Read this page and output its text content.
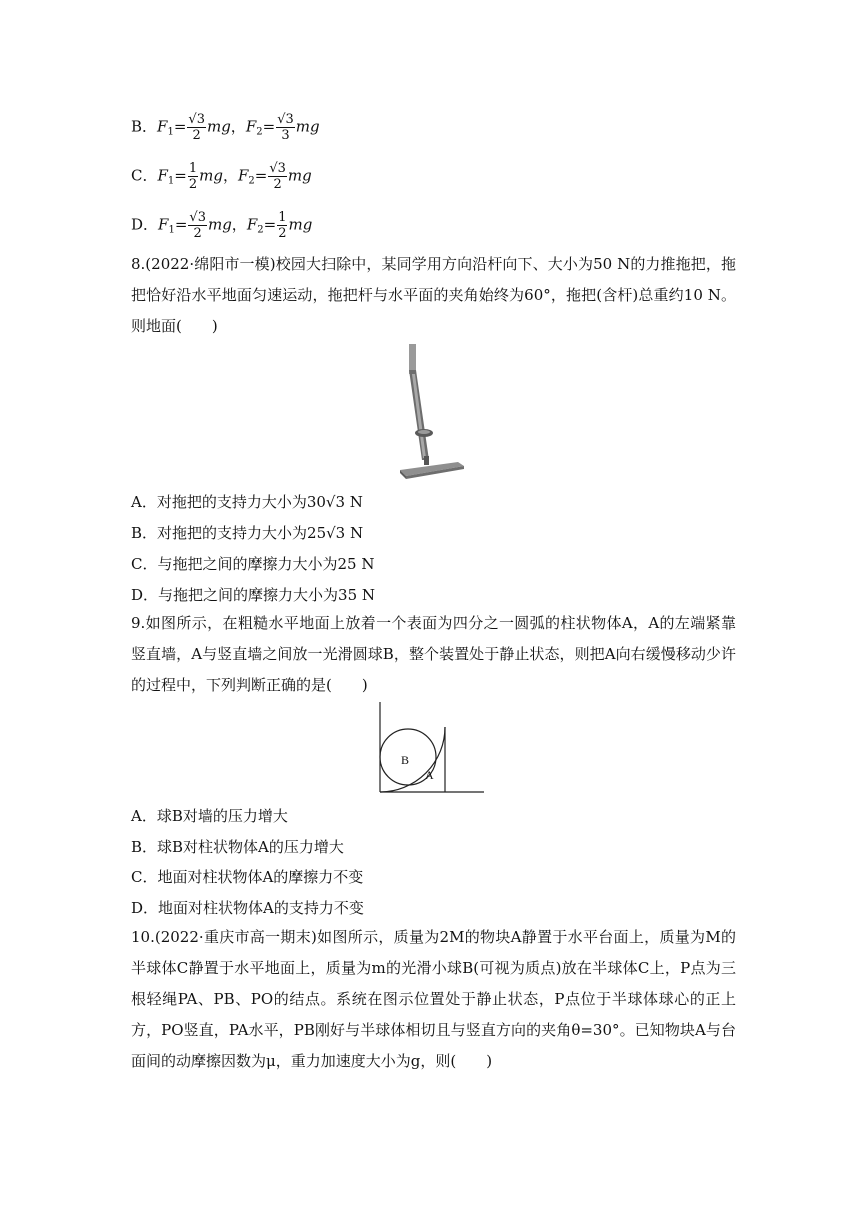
B．$F_1= \frac{√3}{2}$ mg，$F_2= \frac{√3}{3}$ mg
C．$F_1= \frac{1}{2}$ mg，$F_2= \frac{√3}{2}$ mg
D．$F_1= \frac{√3}{2}$ mg，$F_2= \frac{1}{2}$ mg
8.(2022·绵阳市一模)校园大扫除中，某同学用方向沿杆向下、大小为50 N的力推拖把，拖把恰好沿水平地面匀速运动，拖把杆与水平面的夹角始终为60°，拖把(含杆)总重约10 N。则地面(　　)
A．对拖把的支持力大小为30√3 N
B．对拖把的支持力大小为25√3 N
C．与拖把之间的摩擦力大小为25 N
D．与拖把之间的摩擦力大小为35 N
9.如图所示，在粗糙水平地面上放着一个表面为四分之一圆弧的柱状物体A，A的左端紧靠竖直墙，A与竖直墙之间放一光滑圆球B，整个装置处于静止状态，则把A向右缓慢移动少许的过程中，下列判断正确的是(　　)
B
A
A．球B对墙的压力增大
B．球B对柱状物体A的压力增大
C．地面对柱状物体A的摩擦力不变
D．地面对柱状物体A的支持力不变
10.(2022·重庆市高一期末)如图所示，质量为2M的物块A静置于水平台面上，质量为M的半球体C静置于水平地面上，质量为m的光滑小球B(可视为质点)放在半球体C上，P点为三根轻绳PA、PB、PO的结点。系统在图示位置处于静止状态，P点位于半球体球心的正上方，PO竖直，PA水平，PB刚好与半球体相切且与竖直方向的夹角θ=30°。已知物块A与台面间的动摩擦因数为μ，重力加速度大小为g，则(　　)
